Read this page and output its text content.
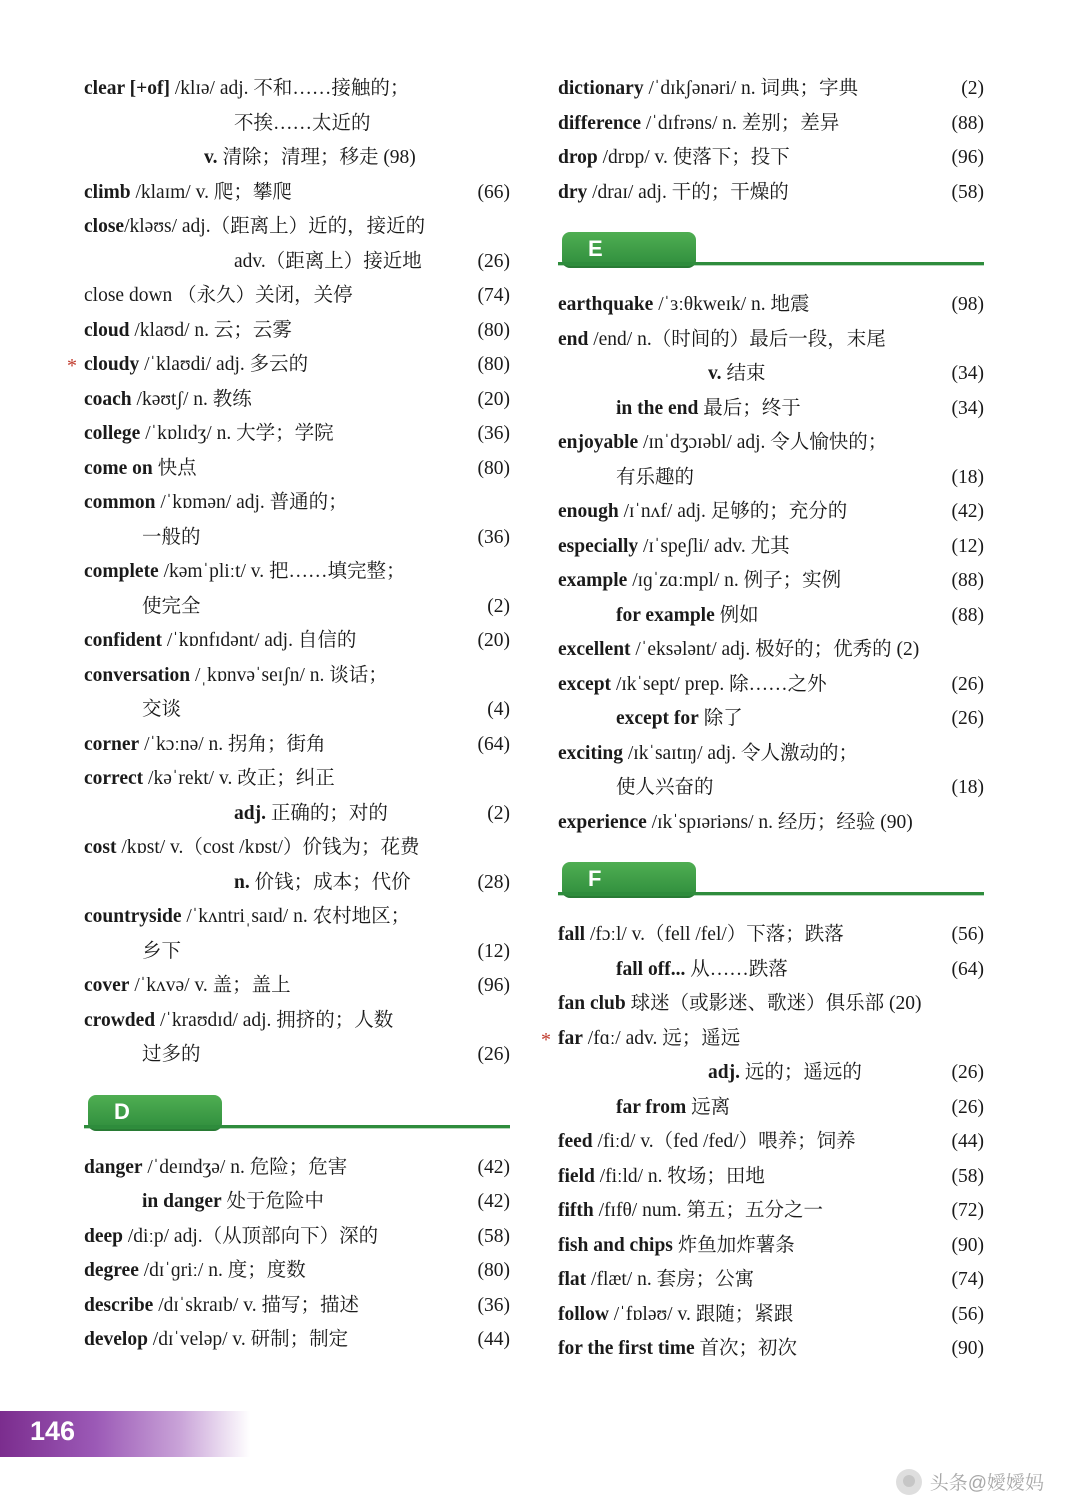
clear [+of] /klɪə/ adj. 不和……接触的；
不挨……太近的
v. 清除；清理；移走 (98)
climb /klaɪm/ v. 爬；攀爬	(66)
close/kləʊs/ adj.（距离上）近的，接近的
adv.（距离上）接近地	(26)
close down （永久）关闭，关停	(74)
cloud /klaʊd/ n. 云；云雾	(80)
* cloudy /ˈklaʊdi/ adj. 多云的	(80)
coach /kəʊtʃ/ n. 教练	(20)
college /ˈkɒlɪdʒ/ n. 大学；学院	(36)
come on 快点	(80)
common /ˈkɒmən/ adj. 普通的；
一般的	(36)
complete /kəmˈpliːt/ v. 把……填完整；
使完全	(2)
confident /ˈkɒnfɪdənt/ adj. 自信的	(20)
conversation /ˌkɒnvəˈseɪʃn/ n. 谈话；
交谈	(4)
corner /ˈkɔːnə/ n. 拐角；街角	(64)
correct /kəˈrekt/ v. 改正；纠正
adj. 正确的；对的	(2)
cost /kɒst/ v.（cost /kɒst/）价钱为；花费
n. 价钱；成本；代价	(28)
countryside /ˈkʌntriˌsaɪd/ n. 农村地区；
乡下	(12)
cover /ˈkʌvə/ v. 盖；盖上	(96)
crowded /ˈkraʊdɪd/ adj. 拥挤的；人数
过多的	(26)
D
danger /ˈdeɪndʒə/ n. 危险；危害	(42)
in danger 处于危险中	(42)
deep /diːp/ adj.（从顶部向下）深的	(58)
degree /dɪˈɡriː/ n. 度；度数	(80)
describe /dɪˈskraɪb/ v. 描写；描述	(36)
develop /dɪˈveləp/ v. 研制；制定	(44)
dictionary /ˈdɪkʃənəri/ n. 词典；字典	(2)
difference /ˈdɪfrəns/ n. 差别；差异	(88)
drop /drɒp/ v. 使落下；投下	(96)
dry /draɪ/ adj. 干的；干燥的	(58)
E
earthquake /ˈɜːθkweɪk/ n. 地震	(98)
end /end/ n.（时间的）最后一段，末尾
v. 结束	(34)
in the end 最后；终于	(34)
enjoyable /ɪnˈdʒɔɪəbl/ adj. 令人愉快的；
有乐趣的	(18)
enough /ɪˈnʌf/ adj. 足够的；充分的	(42)
especially /ɪˈspeʃli/ adv. 尤其	(12)
example /ɪɡˈzɑːmpl/ n. 例子；实例	(88)
for example 例如	(88)
excellent /ˈeksələnt/ adj. 极好的；优秀的 (2)
except /ɪkˈsept/ prep. 除……之外	(26)
except for 除了	(26)
exciting /ɪkˈsaɪtɪŋ/ adj. 令人激动的；
使人兴奋的	(18)
experience /ɪkˈspɪəriəns/ n. 经历；经验 (90)
F
fall /fɔːl/ v.（fell /fel/）下落；跌落	(56)
fall off... 从……跌落	(64)
fan club 球迷（或影迷、歌迷）俱乐部 (20)
* far /fɑː/ adv. 远；遥远
adj. 远的；遥远的	(26)
far from 远离	(26)
feed /fiːd/ v.（fed /fed/）喂养；饲养	(44)
field /fiːld/ n. 牧场；田地	(58)
fifth /fɪfθ/ num. 第五；五分之一	(72)
fish and chips 炸鱼加炸薯条	(90)
flat /flæt/ n. 套房；公寓	(74)
follow /ˈfɒləʊ/ v. 跟随；紧跟	(56)
for the first time 首次；初次	(90)
146
头条@嬡嬡妈
